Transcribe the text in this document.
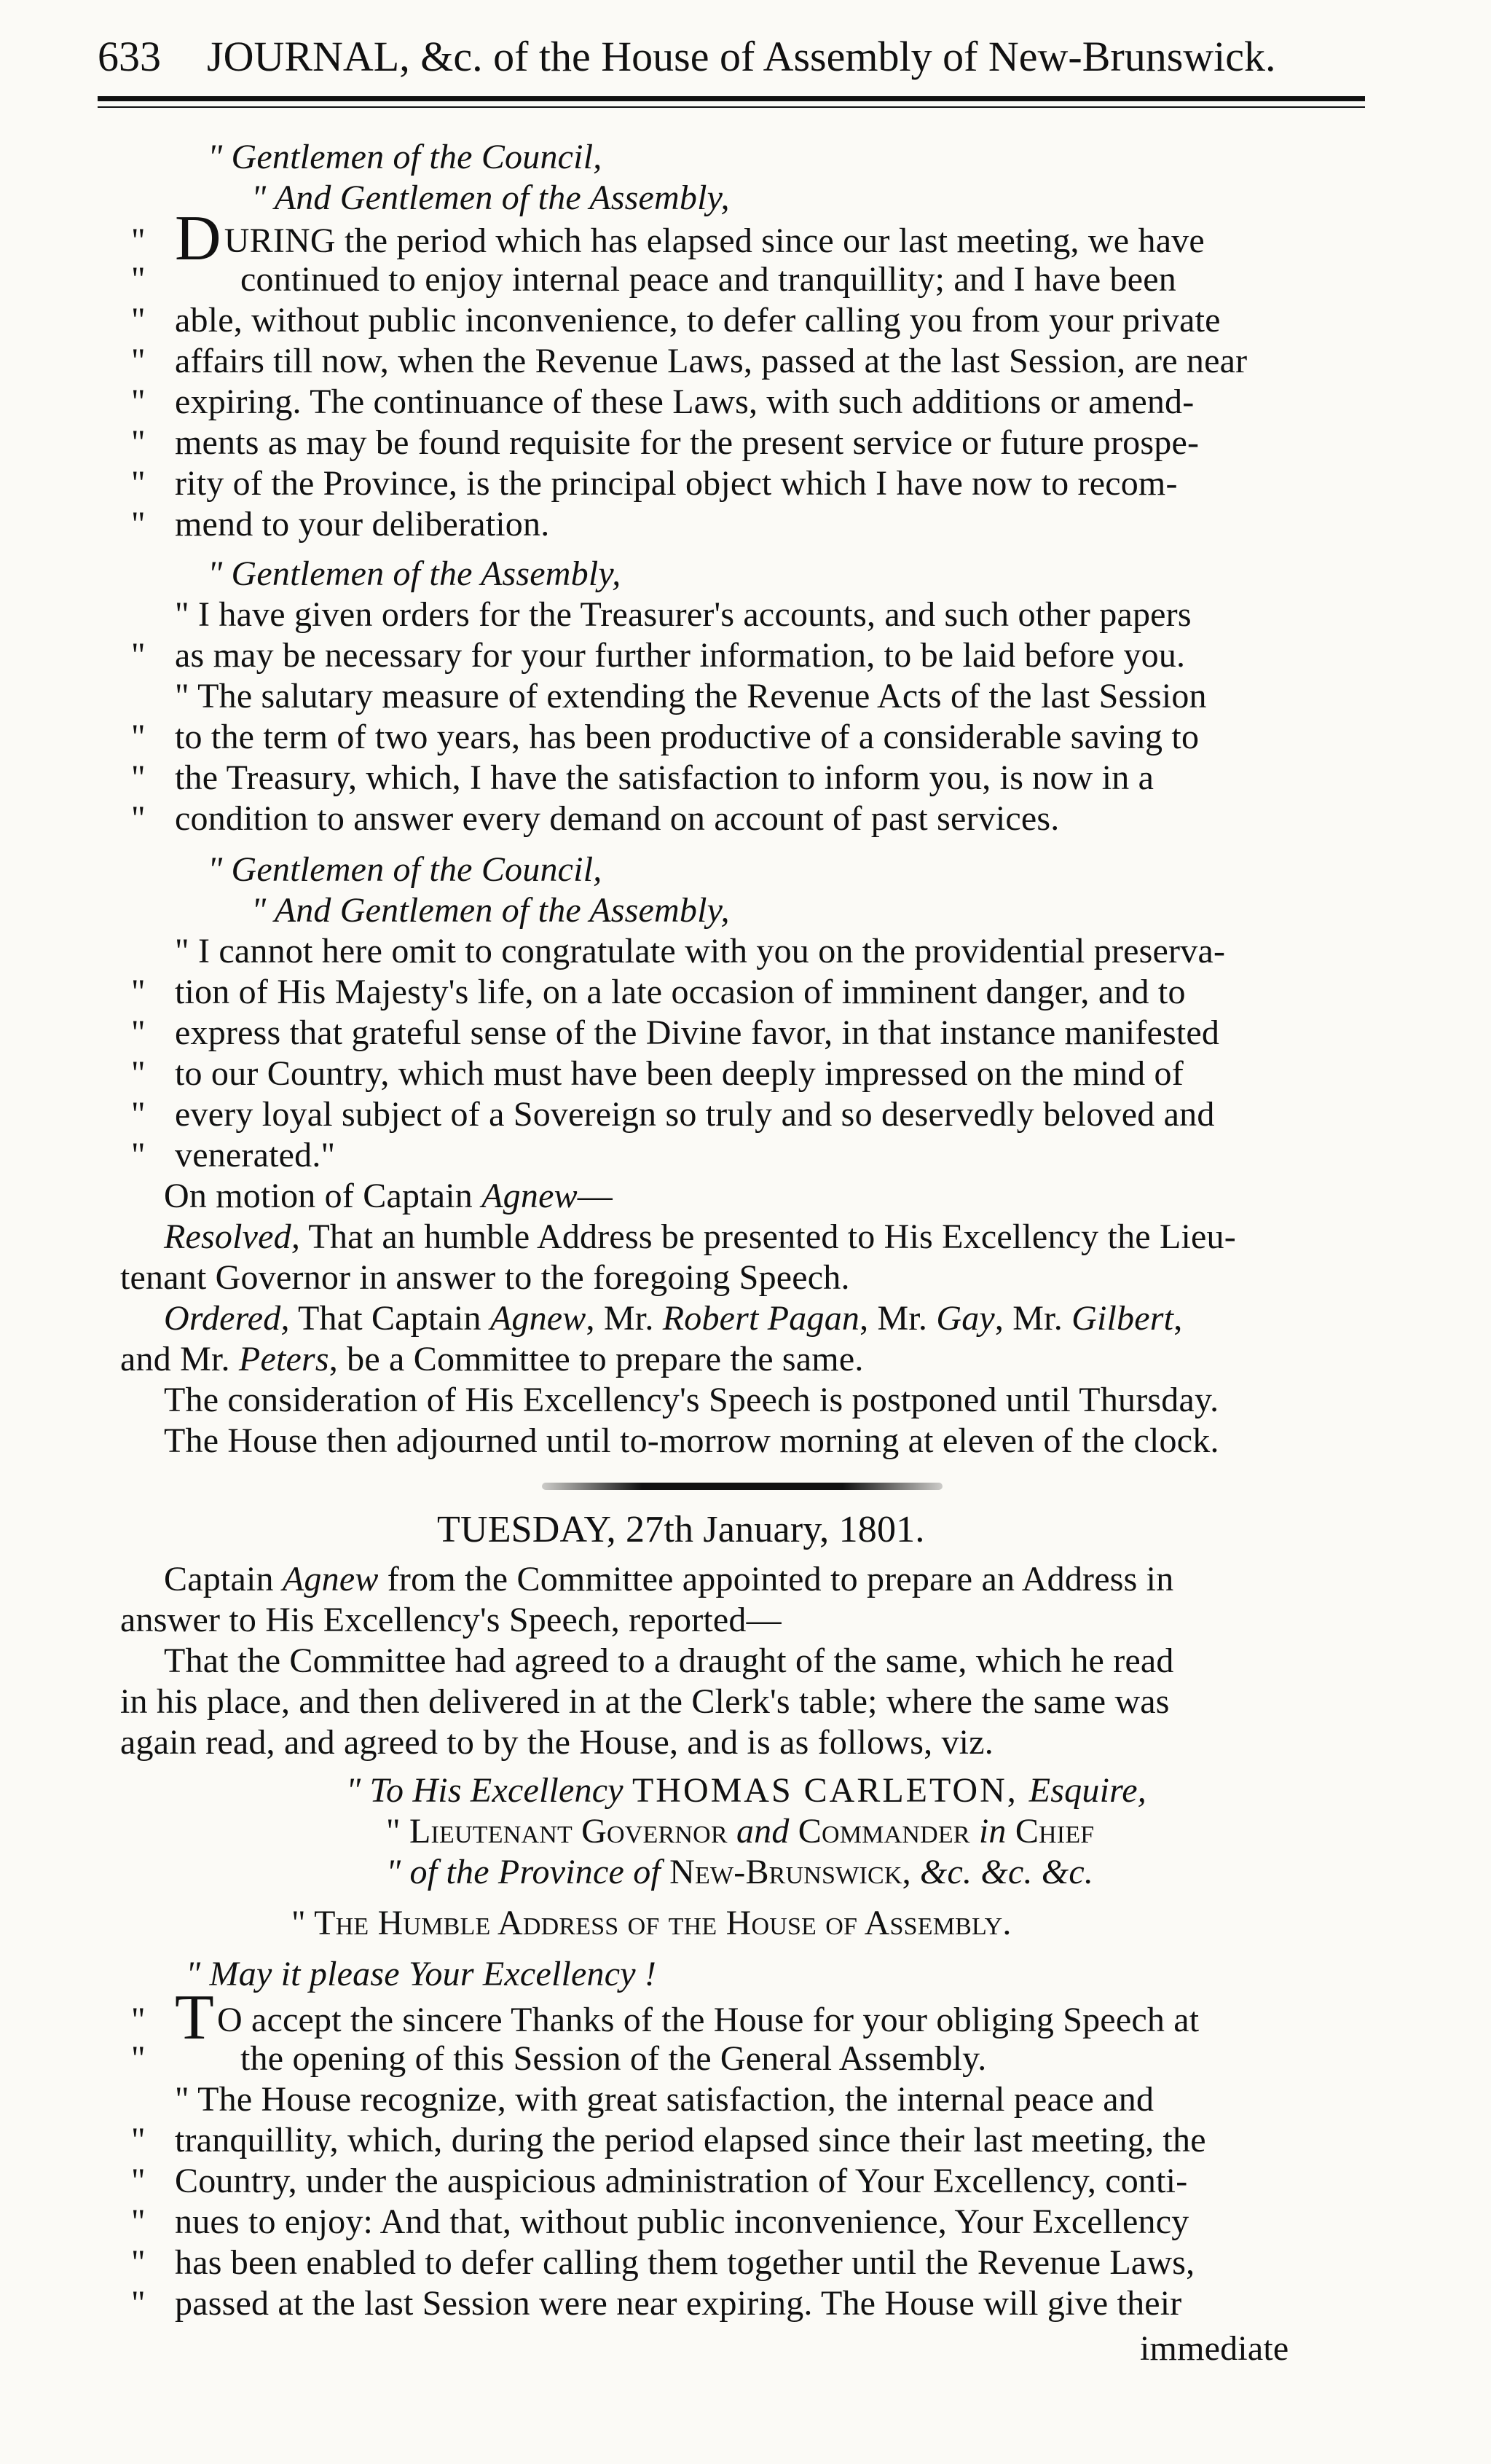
633 JOURNAL, &c. of the House of Assembly of New-Brunswick.
" Gentlemen of the Council,
" And Gentlemen of the Assembly,
" DURING the period which has elapsed since our last meeting, we have
"	continued to enjoy internal peace and tranquillity; and I have been
" able, without public inconvenience, to defer calling you from your private
" affairs till now, when the Revenue Laws, passed at the last Session, are near
" expiring. The continuance of these Laws, with such additions or amend-
" ments as may be found requisite for the present service or future prospe-
" rity of the Province, is the principal object which I have now to recom-
" mend to your deliberation.
" Gentlemen of the Assembly,
" I have given orders for the Treasurer's accounts, and such other papers
" as may be necessary for your further information, to be laid before you.
" The salutary measure of extending the Revenue Acts of the last Session
" to the term of two years, has been productive of a considerable saving to
" the Treasury, which, I have the satisfaction to inform you, is now in a
" condition to answer every demand on account of past services.
" Gentlemen of the Council,
" And Gentlemen of the Assembly,
" I cannot here omit to congratulate with you on the providential preserva-
" tion of His Majesty's life, on a late occasion of imminent danger, and to
" express that grateful sense of the Divine favor, in that instance manifested
" to our Country, which must have been deeply impressed on the mind of
" every loyal subject of a Sovereign so truly and so deservedly beloved and
" venerated."
On motion of Captain Agnew—
Resolved, That an humble Address be presented to His Excellency the Lieu-
tenant Governor in answer to the foregoing Speech.
Ordered, That Captain Agnew, Mr. Robert Pagan, Mr. Gay, Mr. Gilbert,
and Mr. Peters, be a Committee to prepare the same.
The consideration of His Excellency's Speech is postponed until Thursday.
The House then adjourned until to-morrow morning at eleven of the clock.
TUESDAY, 27th January, 1801.
Captain Agnew from the Committee appointed to prepare an Address in
answer to His Excellency's Speech, reported—
That the Committee had agreed to a draught of the same, which he read
in his place, and then delivered in at the Clerk's table; where the same was
again read, and agreed to by the House, and is as follows, viz.
" To His Excellency THOMAS CARLETON, Esquire,
" Lieutenant Governor and Commander in Chief
" of the Province of New-Brunswick, &c. &c. &c.
" The Humble Address of the House of Assembly.
" May it please Your Excellency !
" TO accept the sincere Thanks of the House for your obliging Speech at
"	the opening of this Session of the General Assembly.
" The House recognize, with great satisfaction, the internal peace and
" tranquillity, which, during the period elapsed since their last meeting, the
" Country, under the auspicious administration of Your Excellency, conti-
" nues to enjoy: And that, without public inconvenience, Your Excellency
" has been enabled to defer calling them together until the Revenue Laws,
" passed at the last Session were near expiring. The House will give their
immediate
